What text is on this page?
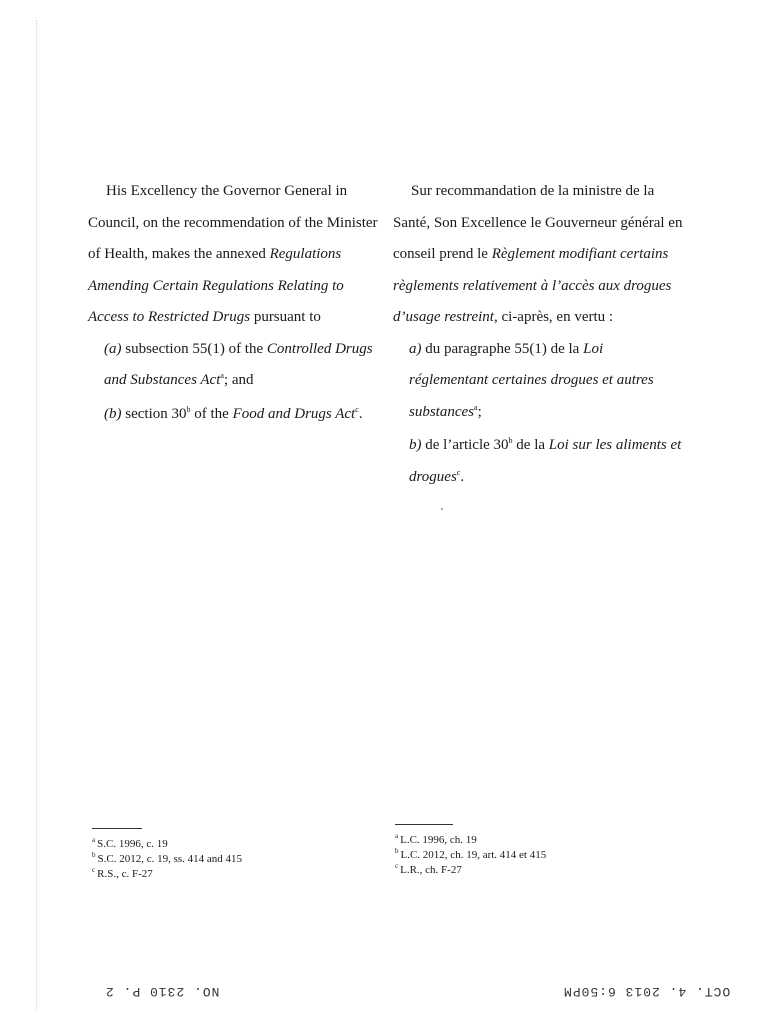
His Excellency the Governor General in Council, on the recommendation of the Minister of Health, makes the annexed Regulations Amending Certain Regulations Relating to Access to Restricted Drugs pursuant to

(a) subsection 55(1) of the Controlled Drugs and Substances Act$^a$; and

(b) section 30$^b$ of the Food and Drugs Act$^c$.

Sur recommandation de la ministre de la Santé, Son Excellence le Gouverneur général en conseil prend le Règlement modifiant certains règlements relativement à l’accès aux drogues d’usage restreint, ci-après, en vertu :

a) du paragraphe 55(1) de la Loi réglementant certaines drogues et autres substances$^a$;

b) de l’article 30$^b$ de la Loi sur les aliments et drogues$^c$.

$^a$ S.C. 1996, c. 19
$^b$ S.C. 2012, c. 19, ss. 414 and 415
$^c$ R.S., c. F-27
$^a$ L.C. 1996, ch. 19
$^b$ L.C. 2012, ch. 19, art. 414 et 415
$^c$ L.R., ch. F-27
NO. 2310 P. 2	OCT. 4. 2013 6:50PM
